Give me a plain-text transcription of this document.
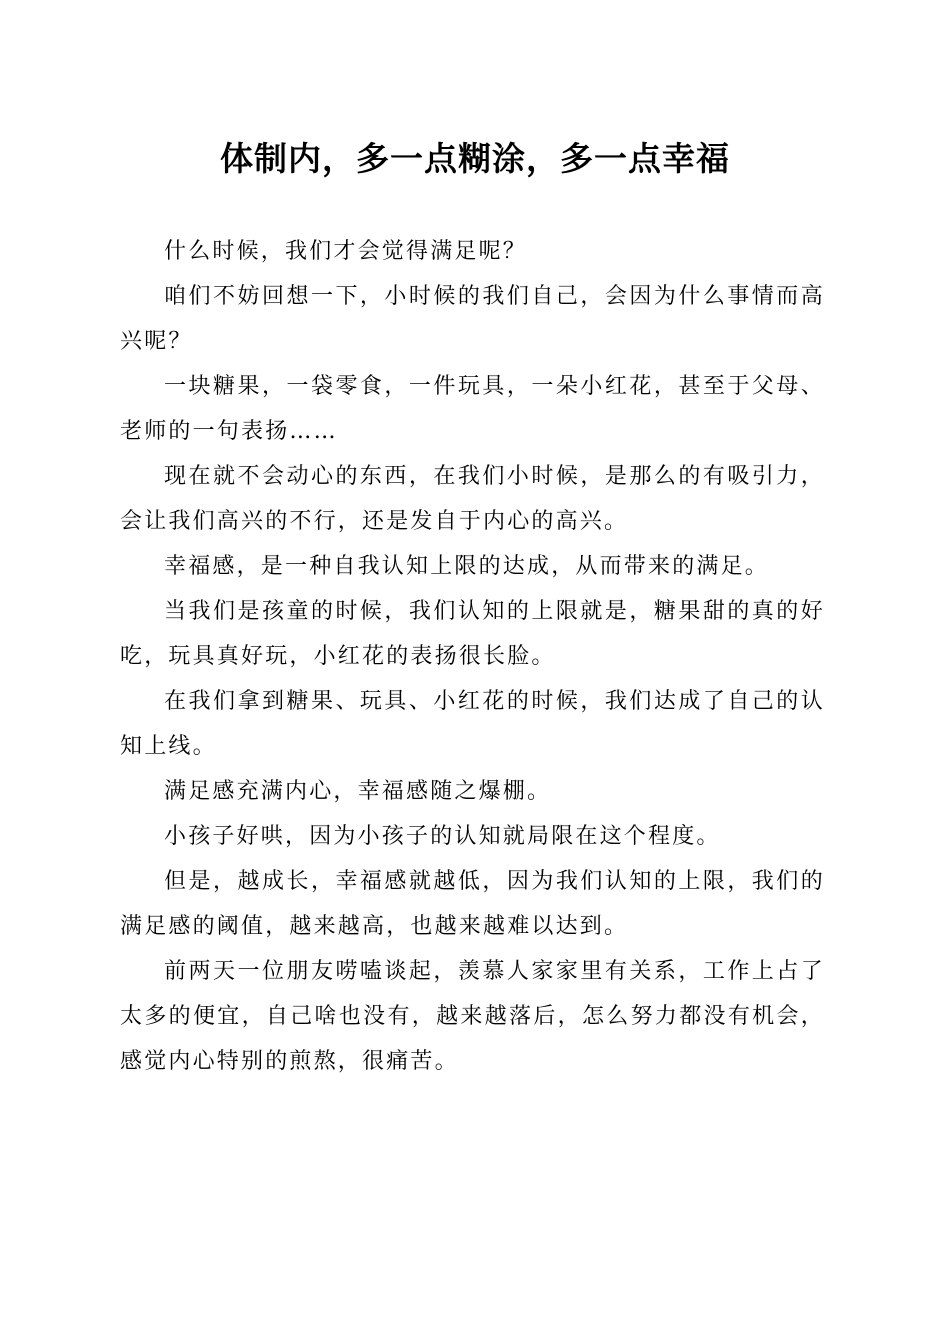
体制内，多一点糊涂，多一点幸福

什么时候，我们才会觉得满足呢？

咱们不妨回想一下，小时候的我们自己，会因为什么事情而高兴呢？

一块糖果，一袋零食，一件玩具，一朵小红花，甚至于父母、老师的一句表扬……

现在就不会动心的东西，在我们小时候，是那么的有吸引力，会让我们高兴的不行，还是发自于内心的高兴。

幸福感，是一种自我认知上限的达成，从而带来的满足。

当我们是孩童的时候，我们认知的上限就是，糖果甜的真的好吃，玩具真好玩，小红花的表扬很长脸。

在我们拿到糖果、玩具、小红花的时候，我们达成了自己的认知上线。

满足感充满内心，幸福感随之爆棚。

小孩子好哄，因为小孩子的认知就局限在这个程度。

但是，越成长，幸福感就越低，因为我们认知的上限，我们的满足感的阈值，越来越高，也越来越难以达到。

前两天一位朋友唠嗑谈起，羡慕人家家里有关系，工作上占了太多的便宜，自己啥也没有，越来越落后，怎么努力都没有机会，感觉内心特别的煎熬，很痛苦。
